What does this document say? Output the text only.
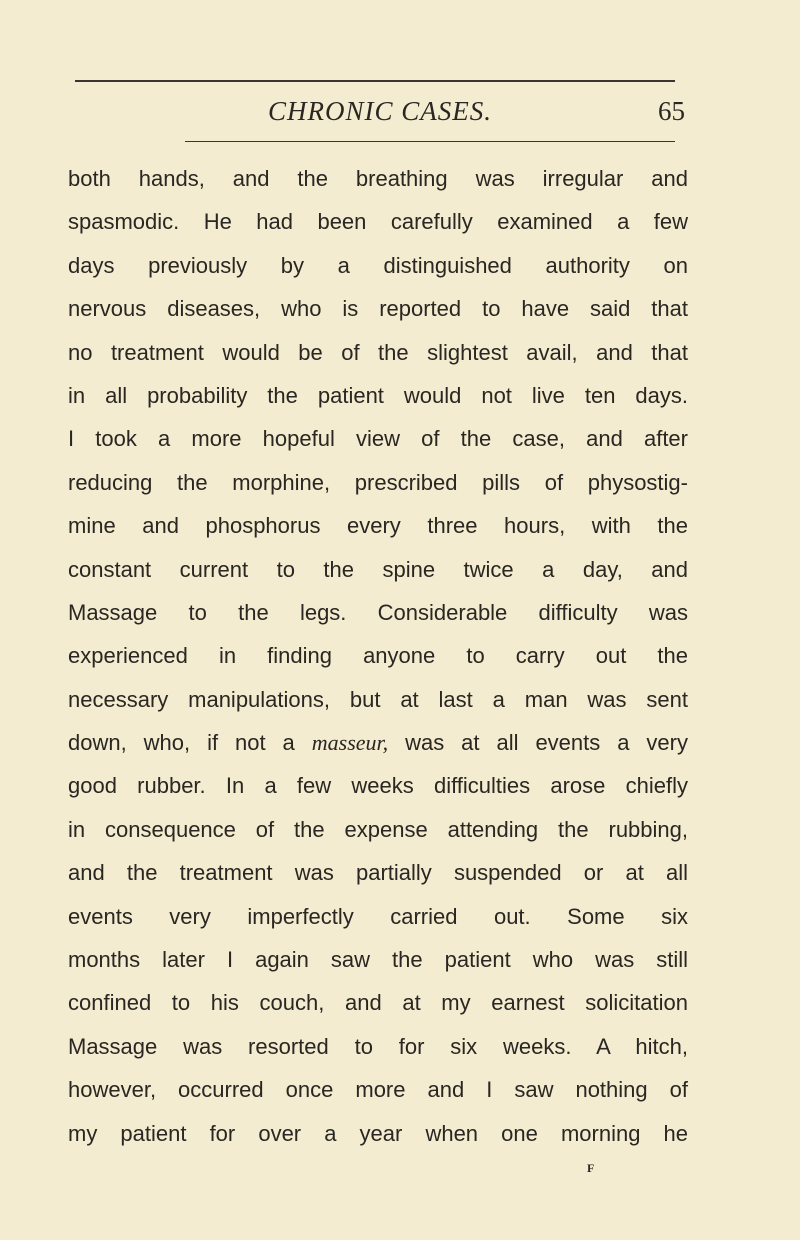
CHRONIC CASES.	65
both hands, and the breathing was irregular and
spasmodic. He had been carefully examined a few
days previously by a distinguished authority on
nervous diseases, who is reported to have said that
no treatment would be of the slightest avail, and that
in all probability the patient would not live ten days.
I took a more hopeful view of the case, and after
reducing the morphine, prescribed pills of physostig-
mine and phosphorus every three hours, with the
constant current to the spine twice a day, and
Massage to the legs. Considerable difficulty was
experienced in finding anyone to carry out the
necessary manipulations, but at last a man was sent
down, who, if not a masseur, was at all events a very
good rubber. In a few weeks difficulties arose chiefly
in consequence of the expense attending the rubbing,
and the treatment was partially suspended or at all
events very imperfectly carried out. Some six
months later I again saw the patient who was still
confined to his couch, and at my earnest solicitation
Massage was resorted to for six weeks. A hitch,
however, occurred once more and I saw nothing of
my patient for over a year when one morning he
F
